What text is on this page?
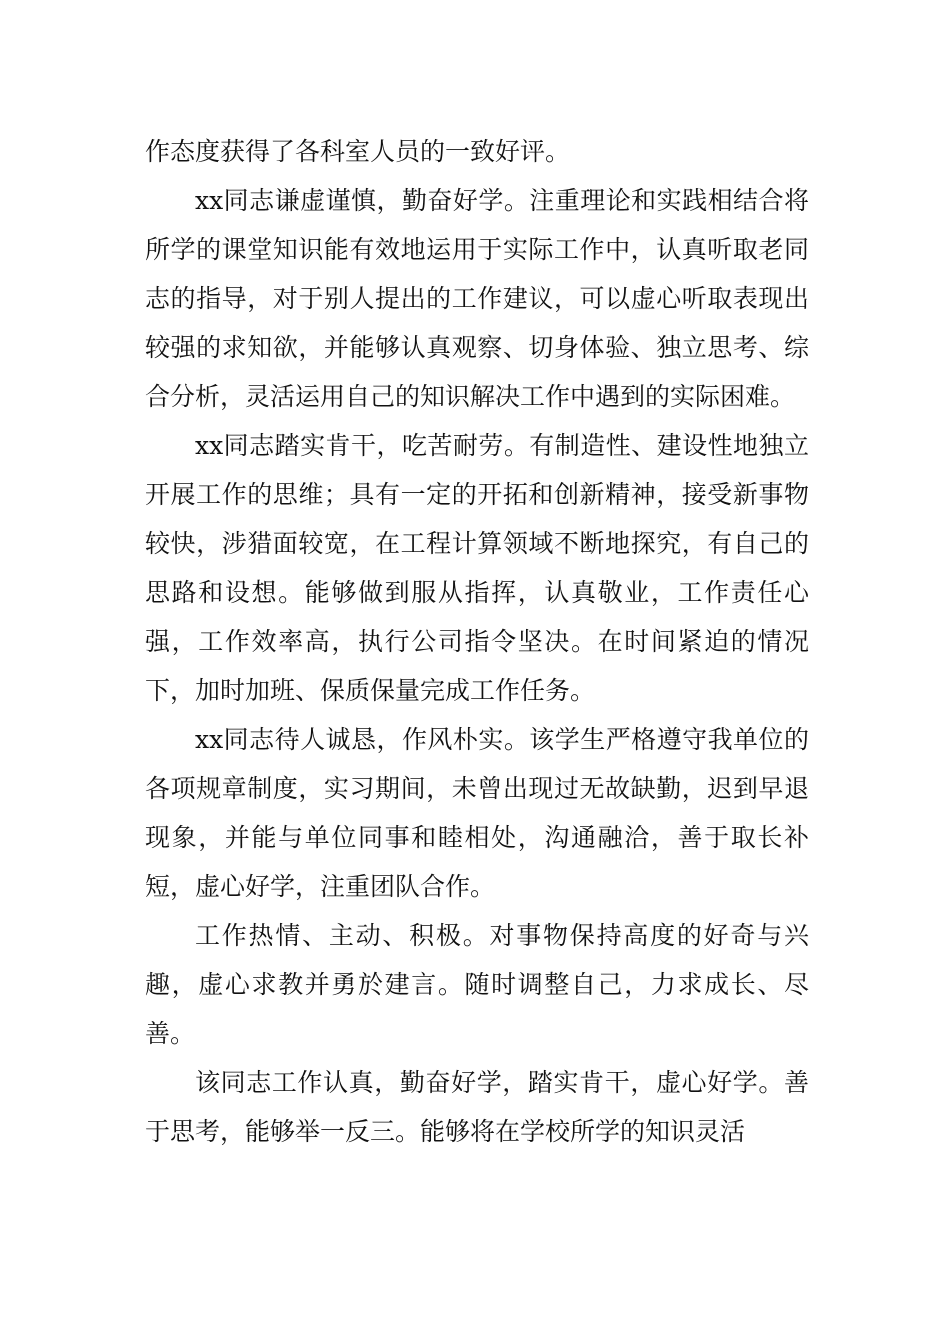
作态度获得了各科室人员的一致好评。

xx同志谦虚谨慎，勤奋好学。注重理论和实践相结合将所学的课堂知识能有效地运用于实际工作中，认真听取老同志的指导，对于别人提出的工作建议，可以虚心听取表现出较强的求知欲，并能够认真观察、切身体验、独立思考、综合分析，灵活运用自己的知识解决工作中遇到的实际困难。

xx同志踏实肯干，吃苦耐劳。有制造性、建设性地独立开展工作的思维；具有一定的开拓和创新精神，接受新事物较快，涉猎面较宽，在工程计算领域不断地探究，有自己的思路和设想。能够做到服从指挥，认真敬业，工作责任心强，工作效率高，执行公司指令坚决。在时间紧迫的情况下，加时加班、保质保量完成工作任务。

xx同志待人诚恳，作风朴实。该学生严格遵守我单位的各项规章制度，实习期间，未曾出现过无故缺勤，迟到早退现象，并能与单位同事和睦相处，沟通融洽，善于取长补短，虚心好学，注重团队合作。

工作热情、主动、积极。对事物保持高度的好奇与兴趣，虚心求教并勇於建言。随时调整自己，力求成长、尽善。

该同志工作认真，勤奋好学，踏实肯干，虚心好学。善于思考，能够举一反三。能够将在学校所学的知识灵活
